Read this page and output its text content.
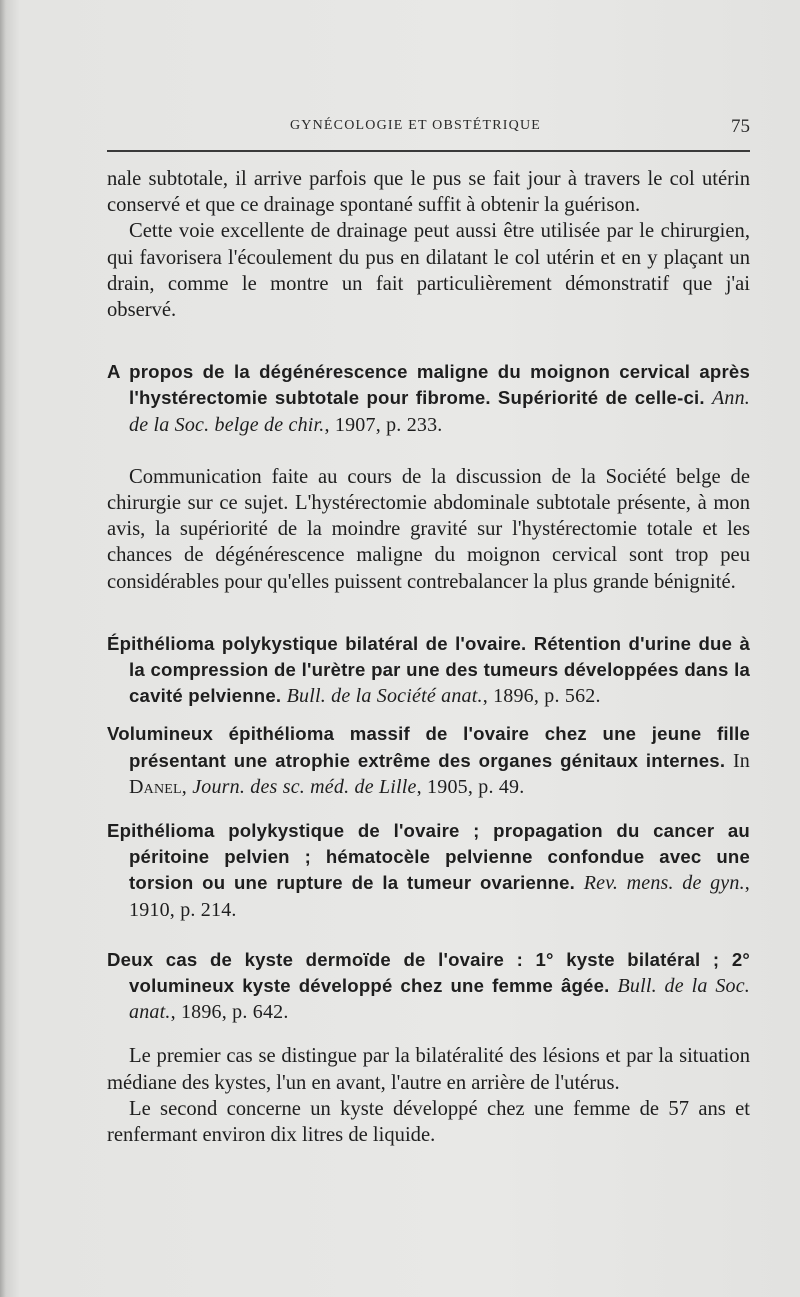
GYNÉCOLOGIE ET OBSTÉTRIQUE	75

nale subtotale, il arrive parfois que le pus se fait jour à travers le col utérin conservé et que ce drainage spontané suffit à obtenir la guérison.

Cette voie excellente de drainage peut aussi être utilisée par le chirurgien, qui favorisera l'écoulement du pus en dilatant le col utérin et en y plaçant un drain, comme le montre un fait particulièrement démonstratif que j'ai observé.

A propos de la dégénérescence maligne du moignon cervical après l'hystérectomie subtotale pour fibrome. Supériorité de celle-ci. Ann. de la Soc. belge de chir., 1907, p. 233.

Communication faite au cours de la discussion de la Société belge de chirurgie sur ce sujet. L'hystérectomie abdominale subtotale présente, à mon avis, la supériorité de la moindre gravité sur l'hystérectomie totale et les chances de dégénérescence maligne du moignon cervical sont trop peu considérables pour qu'elles puissent contrebalancer la plus grande bénignité.

Épithélioma polykystique bilatéral de l'ovaire. Rétention d'urine due à la compression de l'urètre par une des tumeurs développées dans la cavité pelvienne. Bull. de la Société anat., 1896, p. 562.

Volumineux épithélioma massif de l'ovaire chez une jeune fille présentant une atrophie extrême des organes génitaux internes. In Danel, Journ. des sc. méd. de Lille, 1905, p. 49.

Epithélioma polykystique de l'ovaire ; propagation du cancer au péritoine pelvien ; hématocèle pelvienne confondue avec une torsion ou une rupture de la tumeur ovarienne. Rev. mens. de gyn., 1910, p. 214.

Deux cas de kyste dermoïde de l'ovaire : 1° kyste bilatéral ; 2° volumineux kyste développé chez une femme âgée. Bull. de la Soc. anat., 1896, p. 642.

Le premier cas se distingue par la bilatéralité des lésions et par la situation médiane des kystes, l'un en avant, l'autre en arrière de l'utérus.

Le second concerne un kyste développé chez une femme de 57 ans et renfermant environ dix litres de liquide.
